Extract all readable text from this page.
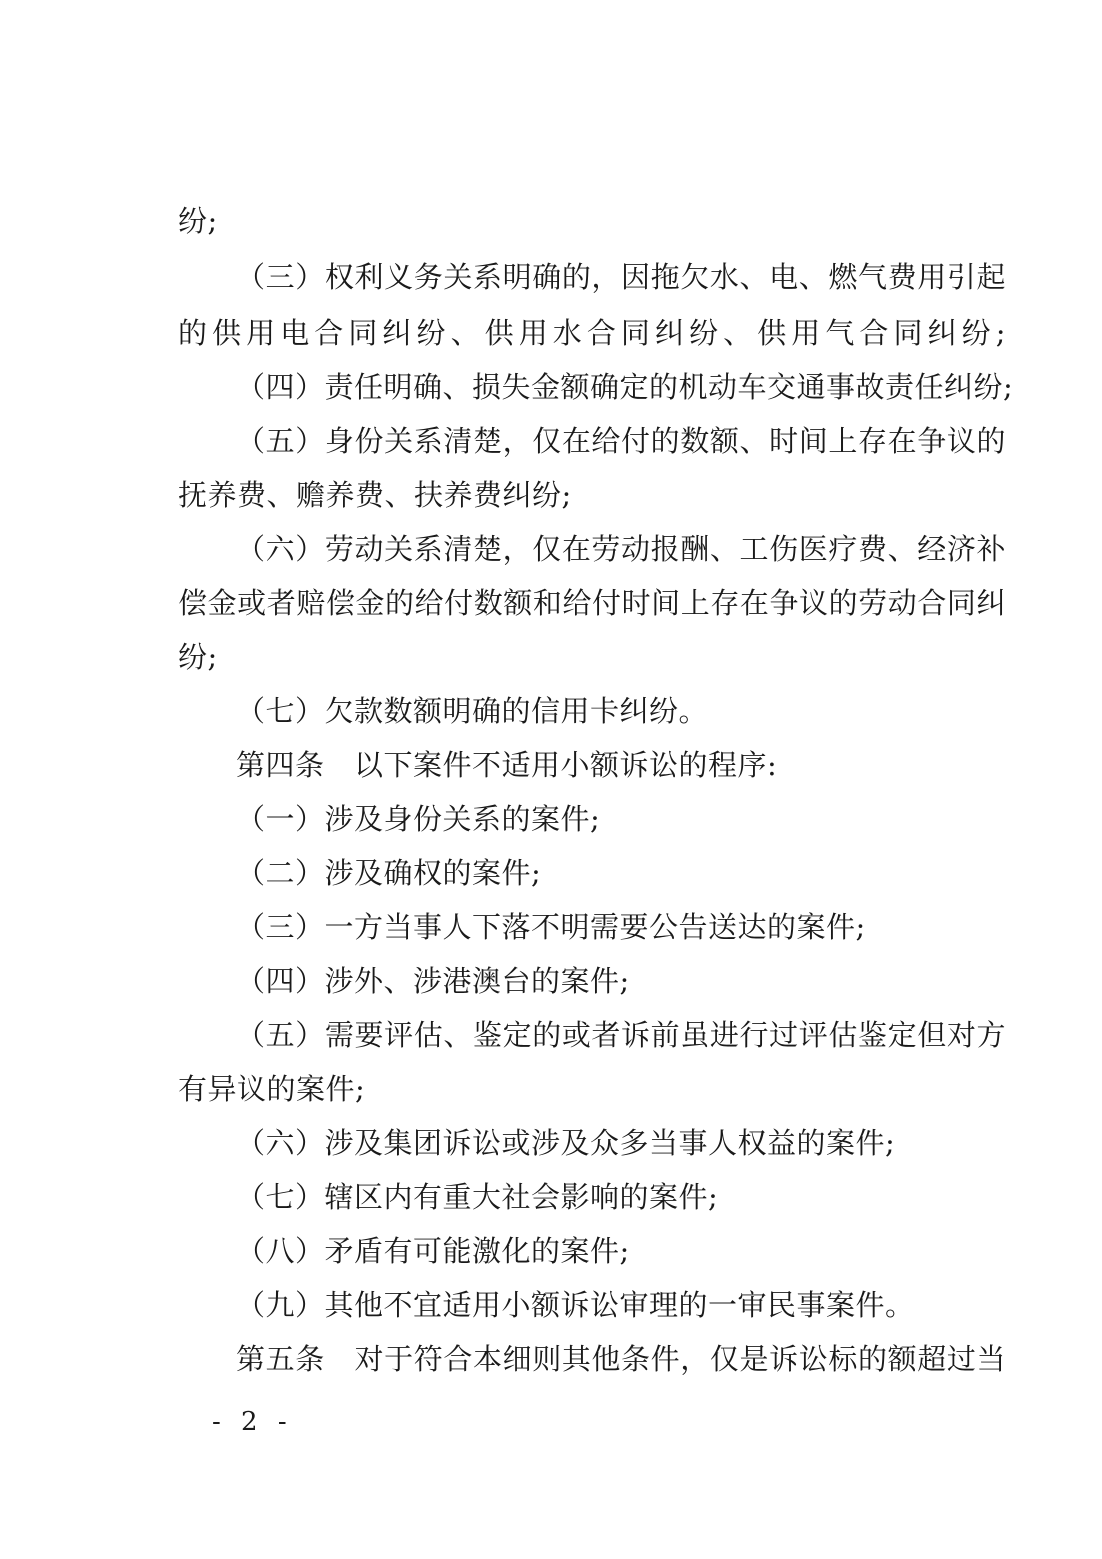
纷;
（三）权利义务关系明确的，因拖欠水、电、燃气费用引起
的供用电合同纠纷、供用水合同纠纷、供用气合同纠纷;
（四）责任明确、损失金额确定的机动车交通事故责任纠纷;
（五）身份关系清楚，仅在给付的数额、时间上存在争议的
抚养费、赡养费、扶养费纠纷;
（六）劳动关系清楚，仅在劳动报酬、工伤医疗费、经济补
偿金或者赔偿金的给付数额和给付时间上存在争议的劳动合同纠
纷;
（七）欠款数额明确的信用卡纠纷。
第四条　以下案件不适用小额诉讼的程序:
（一）涉及身份关系的案件;
（二）涉及确权的案件;
（三）一方当事人下落不明需要公告送达的案件;
（四）涉外、涉港澳台的案件;
（五）需要评估、鉴定的或者诉前虽进行过评估鉴定但对方
有异议的案件;
（六）涉及集团诉讼或涉及众多当事人权益的案件;
（七）辖区内有重大社会影响的案件;
（八）矛盾有可能激化的案件;
（九）其他不宜适用小额诉讼审理的一审民事案件。
第五条　对于符合本细则其他条件，仅是诉讼标的额超过当
- 2 -
